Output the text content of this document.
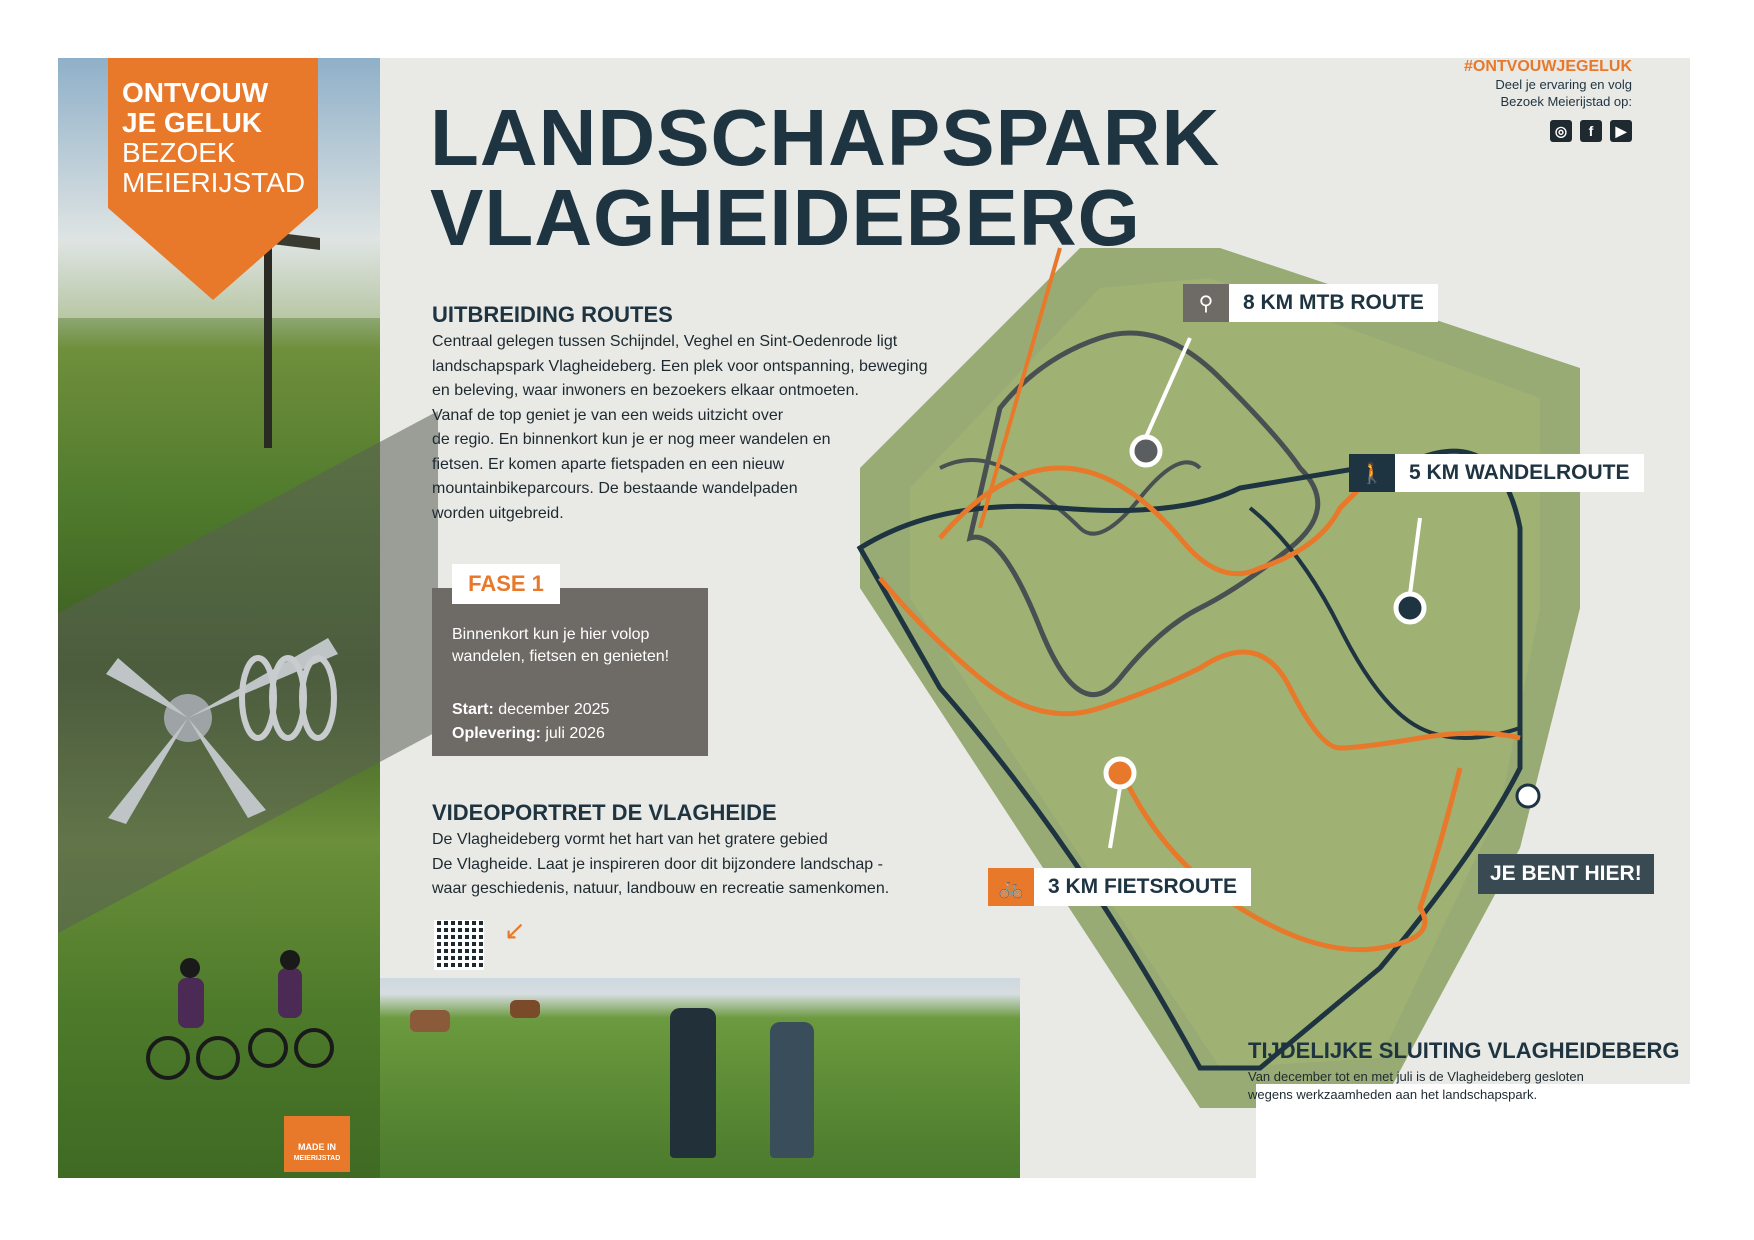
ONTVOUW
JE GELUK
BEZOEK
MEIERIJSTAD
MADE IN
MEIERIJSTAD
LANDSCHAPSPARK
VLAGHEIDEBERG
#ONTVOUWJEGELUK
Deel je ervaring en volg
Bezoek Meierijstad op:
◎	f	▶
UITBREIDING ROUTES
Centraal gelegen tussen Schijndel, Veghel en Sint-Oedenrode ligt
landschapspark Vlagheideberg. Een plek voor ontspanning, beweging
en beleving, waar inwoners en bezoekers elkaar ontmoeten.
Vanaf de top geniet je van een weids uitzicht over
de regio. En binnenkort kun je er nog meer wandelen en
fietsen. Er komen aparte fietspaden en een nieuw
mountainbikeparcours. De bestaande wandelpaden
worden uitgebreid.
FASE 1
Binnenkort kun je hier volop
wandelen, fietsen en genieten!
Start: december 2025
Oplevering: juli 2026
VIDEOPORTRET DE VLAGHEIDE
De Vlagheideberg vormt het hart van het gratere gebied
De Vlagheide. Laat je inspireren door dit bijzondere landschap -
waar geschiedenis, natuur, landbouw en recreatie samenkomen.
↙
⚲	8 KM MTB ROUTE
🚶	5 KM WANDELROUTE
🚲	3 KM FIETSROUTE
JE BENT HIER!
TIJDELIJKE SLUITING VLAGHEIDEBERG
Van december tot en met juli is de Vlagheideberg gesloten
wegens werkzaamheden aan het landschapspark.
